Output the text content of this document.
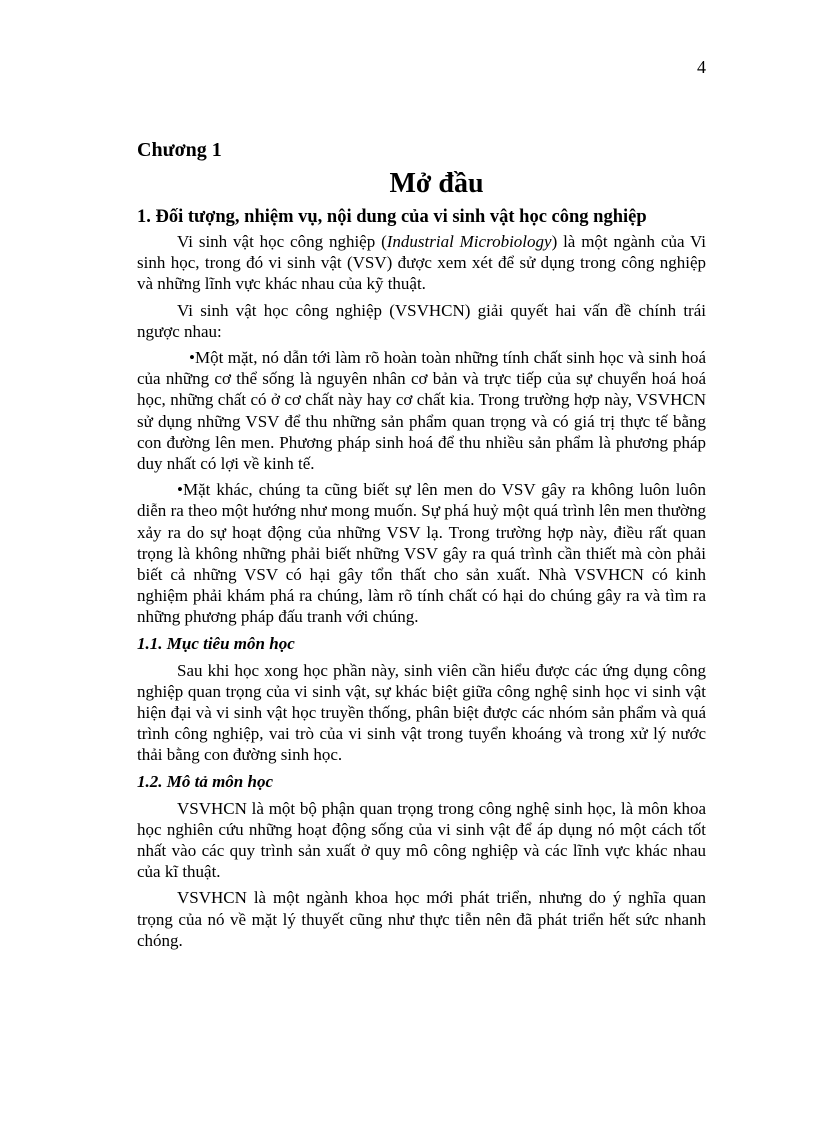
4
Chương 1
Mở đầu
1. Đối tượng, nhiệm vụ, nội dung của vi sinh vật học công nghiệp

Vi sinh vật học công nghiệp (Industrial Microbiology) là một ngành của Vi sinh học, trong đó vi sinh vật (VSV) được xem xét để sử dụng trong công nghiệp và những lĩnh vực khác nhau của kỹ thuật.

Vi sinh vật học công nghiệp (VSVHCN) giải quyết hai vấn đề chính trái ngược nhau:

•Một mặt, nó dẫn tới làm rõ hoàn toàn những tính chất sinh học và sinh hoá của những cơ thể sống là nguyên nhân cơ bản và trực tiếp của sự chuyển hoá hoá học, những chất có ở cơ chất này hay cơ chất kia. Trong trường hợp này, VSVHCN sử dụng những VSV để thu những sản phẩm quan trọng và có giá trị thực tế bằng con đường lên men. Phương pháp sinh hoá để thu nhiều sản phẩm là phương pháp duy nhất có lợi về kinh tế.

•Mặt khác, chúng ta cũng biết sự lên men do VSV gây ra không luôn luôn diễn ra theo một hướng như mong muốn. Sự phá huỷ một quá trình lên men thường xảy ra do sự hoạt động của những VSV lạ. Trong trường hợp này, điều rất quan trọng là không những phải biết những VSV gây ra quá trình cần thiết mà còn phải biết cả những VSV có hại gây tổn thất cho sản xuất. Nhà VSVHCN có kinh nghiệm phải khám phá ra chúng, làm rõ tính chất có hại do chúng gây ra và tìm ra những phương pháp đấu tranh với chúng.

1.1. Mục tiêu môn học

Sau khi học xong học phần này, sinh viên cần hiểu được các ứng dụng công nghiệp quan trọng của vi sinh vật, sự khác biệt giữa công nghệ sinh học vi sinh vật hiện đại và vi sinh vật học truyền thống, phân biệt được các nhóm sản phẩm và quá trình công nghiệp, vai trò của vi sinh vật trong tuyển khoáng và trong xử lý nước thải bằng con đường sinh học.

1.2. Mô tả môn học

VSVHCN là một bộ phận quan trọng trong công nghệ sinh học, là môn khoa học nghiên cứu những hoạt động sống của vi sinh vật để áp dụng nó một cách tốt nhất vào các quy trình sản xuất ở quy mô công nghiệp và các lĩnh vực khác nhau của kĩ thuật.

VSVHCN là một ngành khoa học mới phát triển, nhưng do ý nghĩa quan trọng của nó về mặt lý thuyết cũng như thực tiễn nên đã phát triển hết sức nhanh chóng.
